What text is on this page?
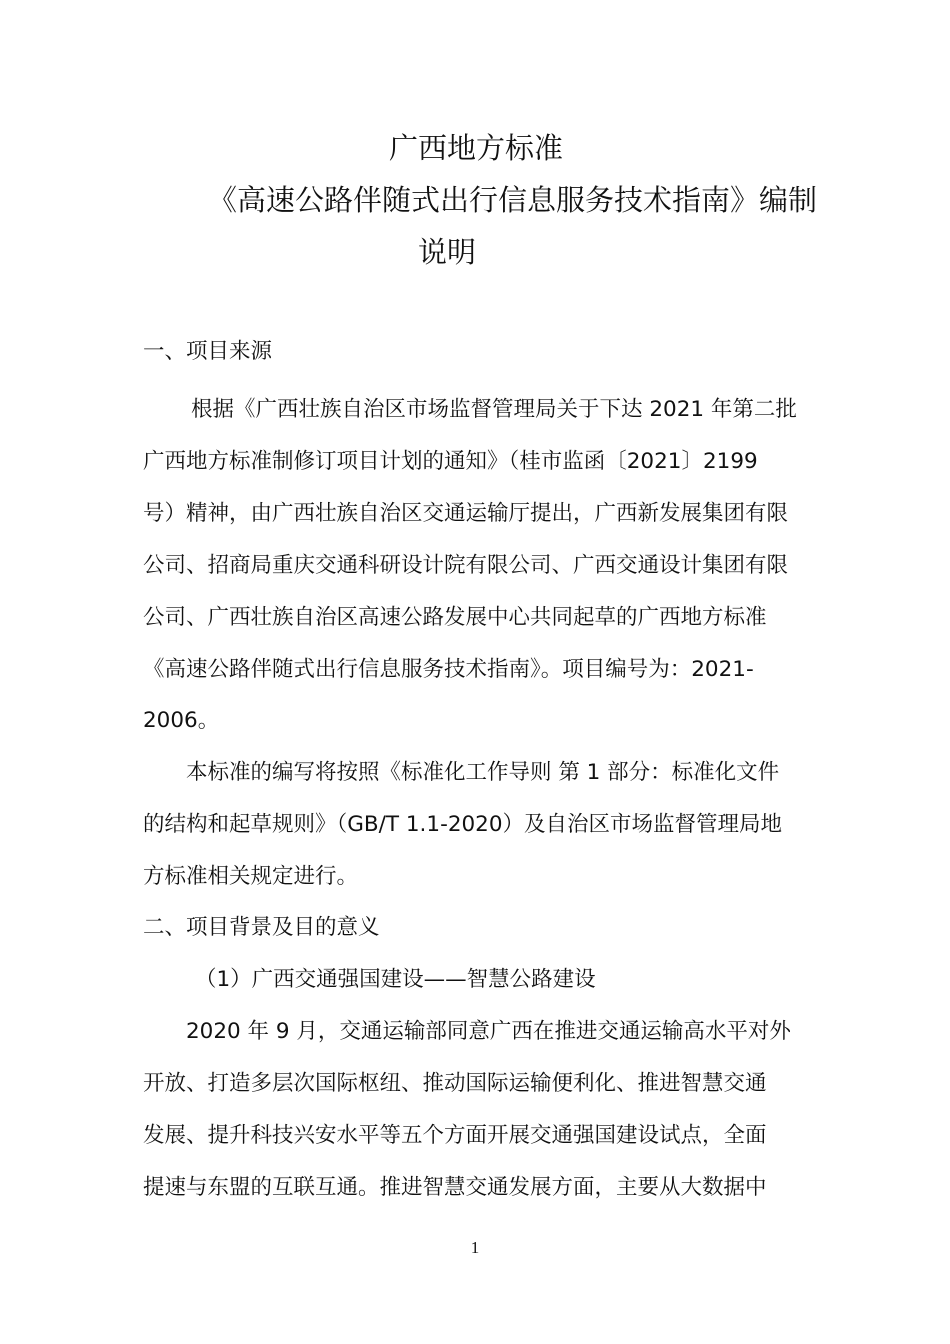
广西地方标准
《高速公路伴随式出行信息服务技术指南》编制
说明
一、项目来源
根据《广西壮族自治区市场监督管理局关于下达 2021 年第二批
广西地方标准制修订项目计划的通知》（桂市监函〔2021〕2199
号）精神，由广西壮族自治区交通运输厅提出，广西新发展集团有限
公司、招商局重庆交通科研设计院有限公司、广西交通设计集团有限
公司、广西壮族自治区高速公路发展中心共同起草的广西地方标准
《高速公路伴随式出行信息服务技术指南》。项目编号为：2021-
2006。
本标准的编写将按照《标准化工作导则 第 1 部分：标准化文件
的结构和起草规则》（GB/T 1.1-2020）及自治区市场监督管理局地
方标准相关规定进行。
二、项目背景及目的意义
（1）广西交通强国建设——智慧公路建设
2020 年 9 月，交通运输部同意广西在推进交通运输高水平对外
开放、打造多层次国际枢纽、推动国际运输便利化、推进智慧交通
发展、提升科技兴安水平等五个方面开展交通强国建设试点，全面
提速与东盟的互联互通。推进智慧交通发展方面，主要从大数据中
1
